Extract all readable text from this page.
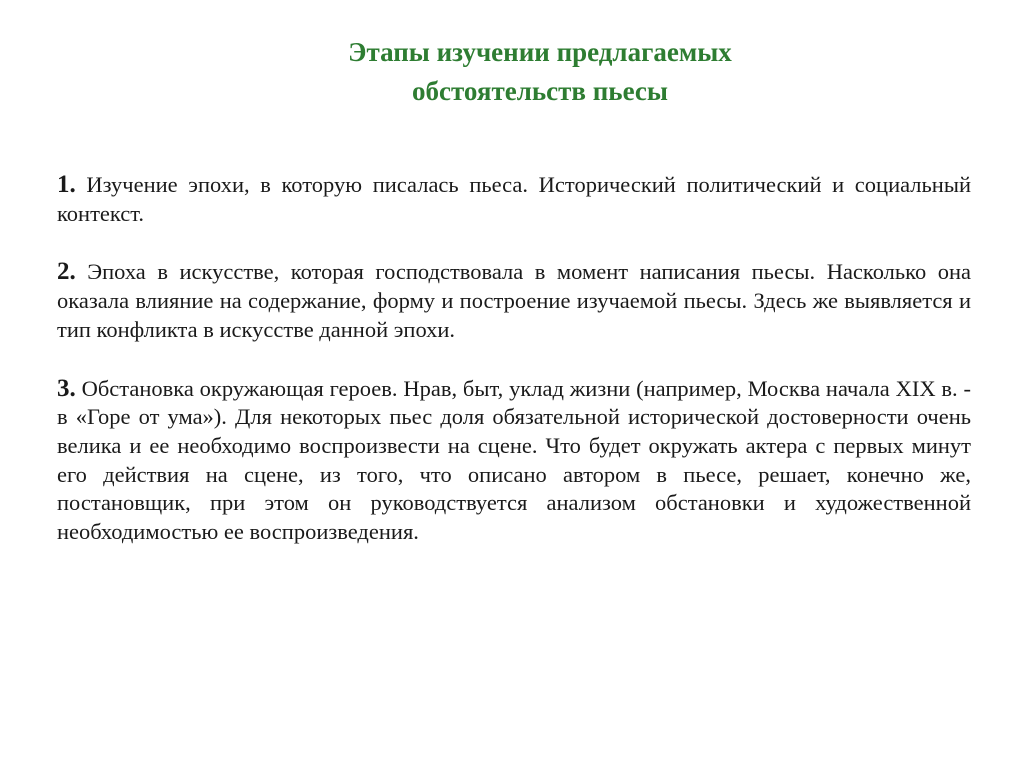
Этапы изучении предлагаемых
обстоятельств пьесы

1. Изучение эпохи, в которую писалась пьеса. Исторический политический и социальный контекст.

2. Эпоха в искусстве, которая господствовала в момент написания пьесы. Насколько она оказала влияние на содержание, форму и построение изучаемой пьесы. Здесь же выявляется и тип конфликта в искусстве данной эпохи.

3. Обстановка окружающая героев. Нрав, быт, уклад жизни (например, Москва начала XIX в. - в «Горе от ума»). Для некоторых пьес доля обязательной исторической достоверности очень велика и ее необходимо воспроизвести на сцене. Что будет окружать актера с первых минут его действия на сцене, из того, что описано автором в пьесе, решает, конечно же, постановщик, при этом он руководствуется анализом обстановки и художественной необходимостью ее воспроизведения.
